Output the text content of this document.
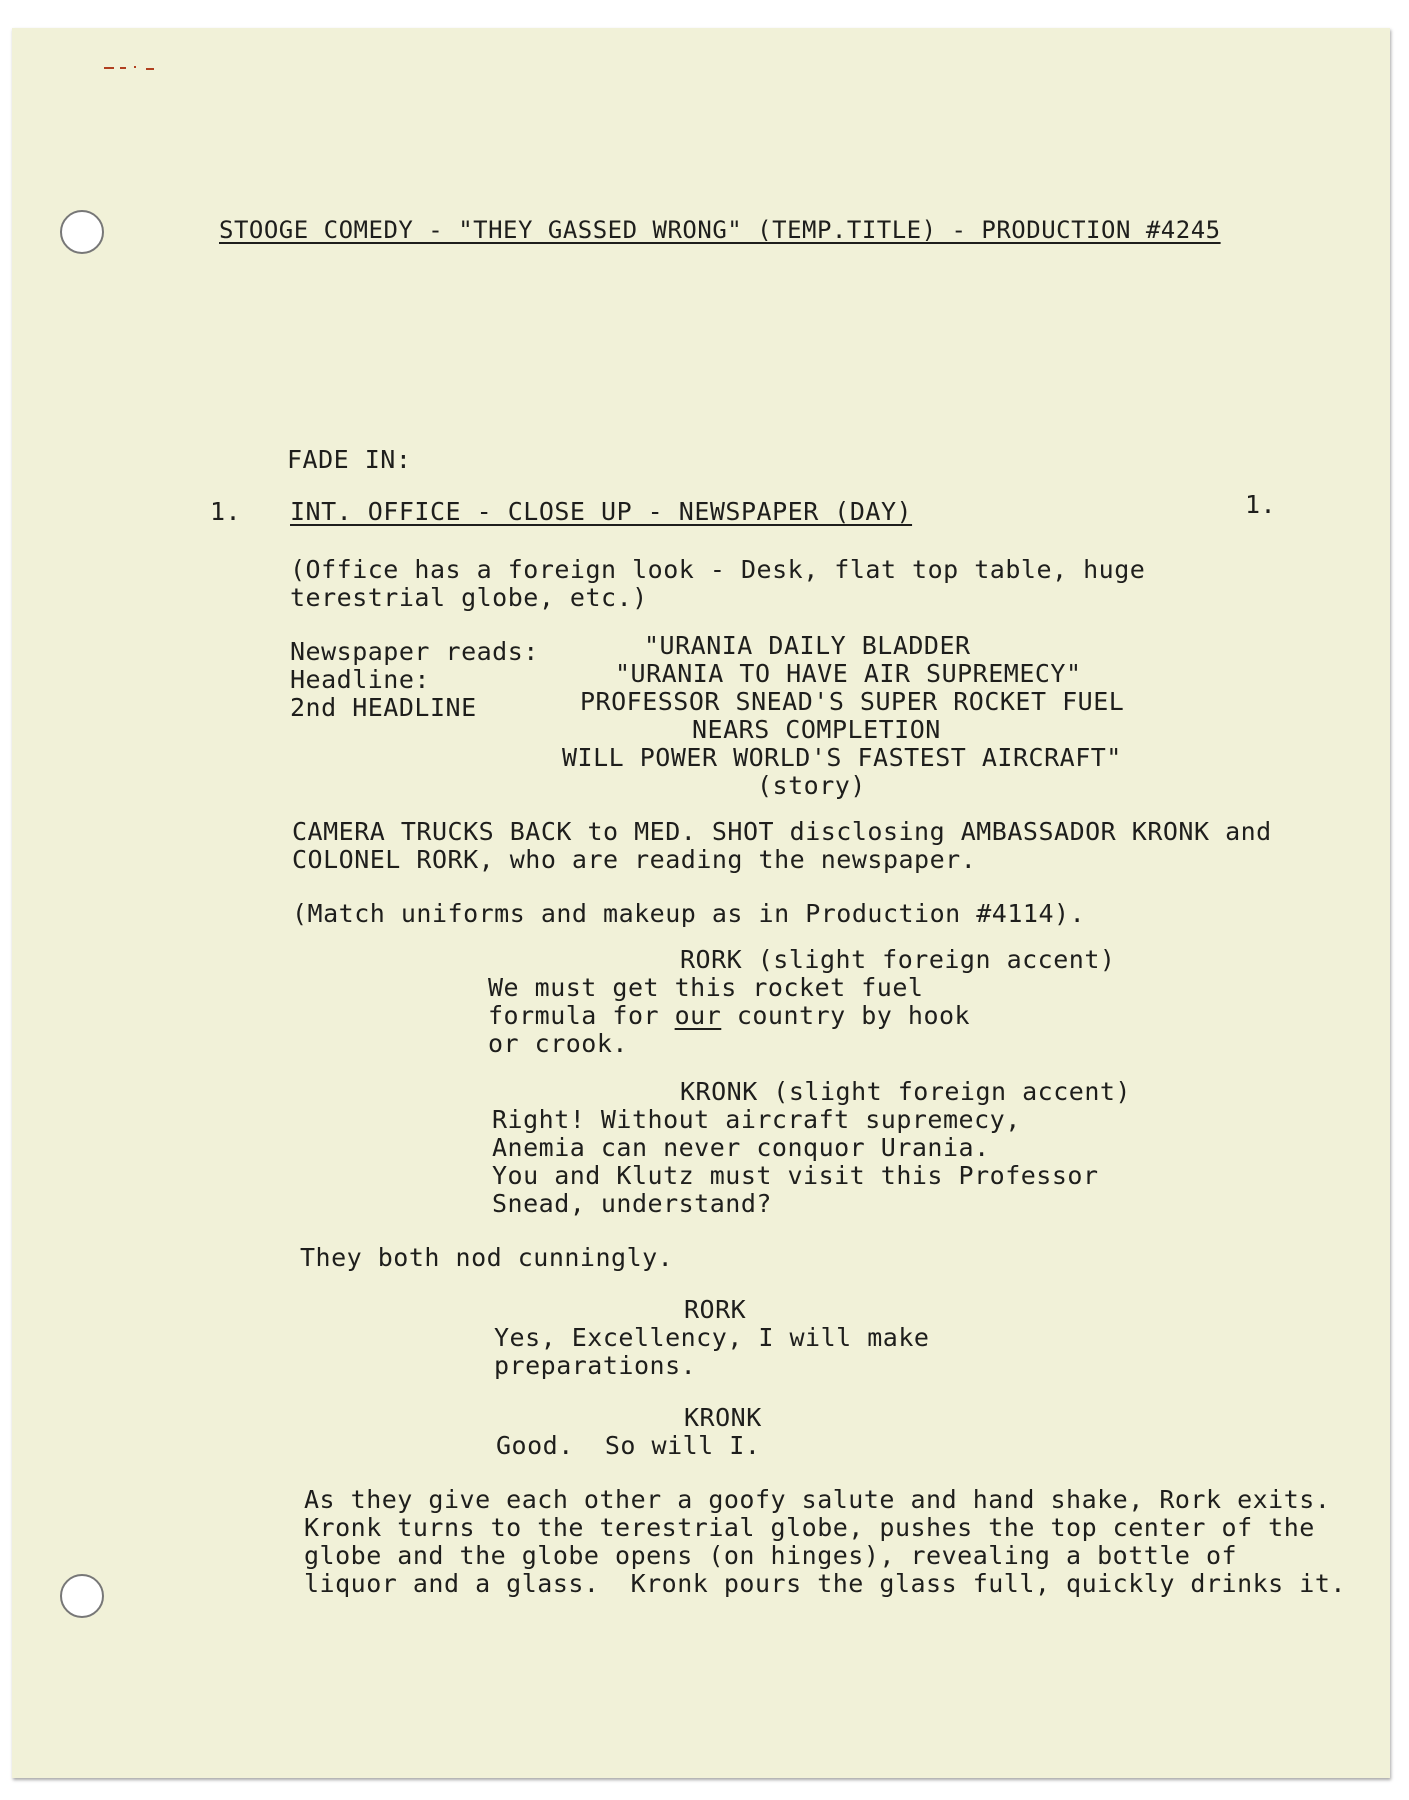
STOOGE COMEDY - "THEY GASSED WRONG" (TEMP.TITLE) - PRODUCTION #4245
FADE IN:
1. INT. OFFICE - CLOSE UP - NEWSPAPER (DAY)	1.
(Office has a foreign look - Desk, flat top table, huge
terestrial globe, etc.)
Newspaper reads:
Headline:
2nd HEADLINE
"URANIA DAILY BLADDER
"URANIA TO HAVE AIR SUPREMECY"
PROFESSOR SNEAD'S SUPER ROCKET FUEL
NEARS COMPLETION
WILL POWER WORLD'S FASTEST AIRCRAFT"
(story)
CAMERA TRUCKS BACK to MED. SHOT disclosing AMBASSADOR KRONK and
COLONEL RORK, who are reading the newspaper.
(Match uniforms and makeup as in Production #4114).
RORK (slight foreign accent)
We must get this rocket fuel
formula for our country by hook
or crook.
KRONK (slight foreign accent)
Right! Without aircraft supremecy,
Anemia can never conquor Urania.
You and Klutz must visit this Professor
Snead, understand?
They both nod cunningly.
RORK
Yes, Excellency, I will make
preparations.
KRONK
Good.  So will I.
As they give each other a goofy salute and hand shake, Rork exits.
Kronk turns to the terestrial globe, pushes the top center of the
globe and the globe opens (on hinges), revealing a bottle of
liquor and a glass.  Kronk pours the glass full, quickly drinks it.
